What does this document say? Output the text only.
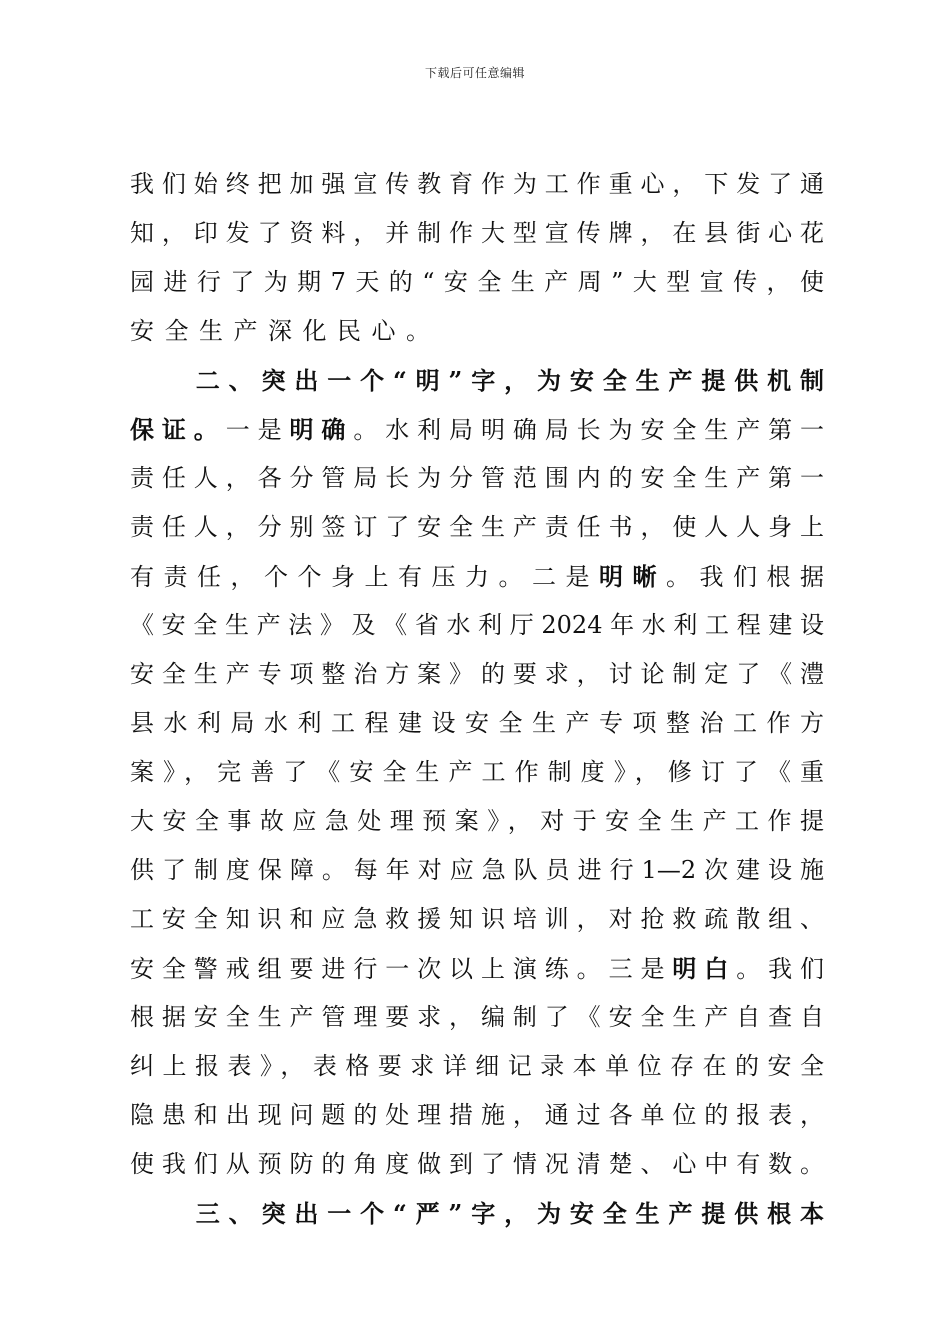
下载后可任意编辑
我们始终把加强宣传教育作为工作重心，下发了通
知，印发了资料，并制作大型宣传牌，在县街心花
园进行了为期7天的“安全生产周”大型宣传，使
安全生产深化民心。
　　二、突出一个“明”字，为安全生产提供机制
保证。一是明确。水利局明确局长为安全生产第一
责任人，各分管局长为分管范围内的安全生产第一
责任人，分别签订了安全生产责任书，使人人身上
有责任，个个身上有压力。二是明晰。我们根据
《安全生产法》及《省水利厅2024年水利工程建设
安全生产专项整治方案》的要求，讨论制定了《澧
县水利局水利工程建设安全生产专项整治工作方
案》，完善了《安全生产工作制度》，修订了《重
大安全事故应急处理预案》，对于安全生产工作提
供了制度保障。每年对应急队员进行1—2次建设施
工安全知识和应急救援知识培训，对抢救疏散组、
安全警戒组要进行一次以上演练。三是明白。我们
根据安全生产管理要求，编制了《安全生产自查自
纠上报表》，表格要求详细记录本单位存在的安全
隐患和出现问题的处理措施，通过各单位的报表，
使我们从预防的角度做到了情况清楚、心中有数。
　　三、突出一个“严”字，为安全生产提供根本
